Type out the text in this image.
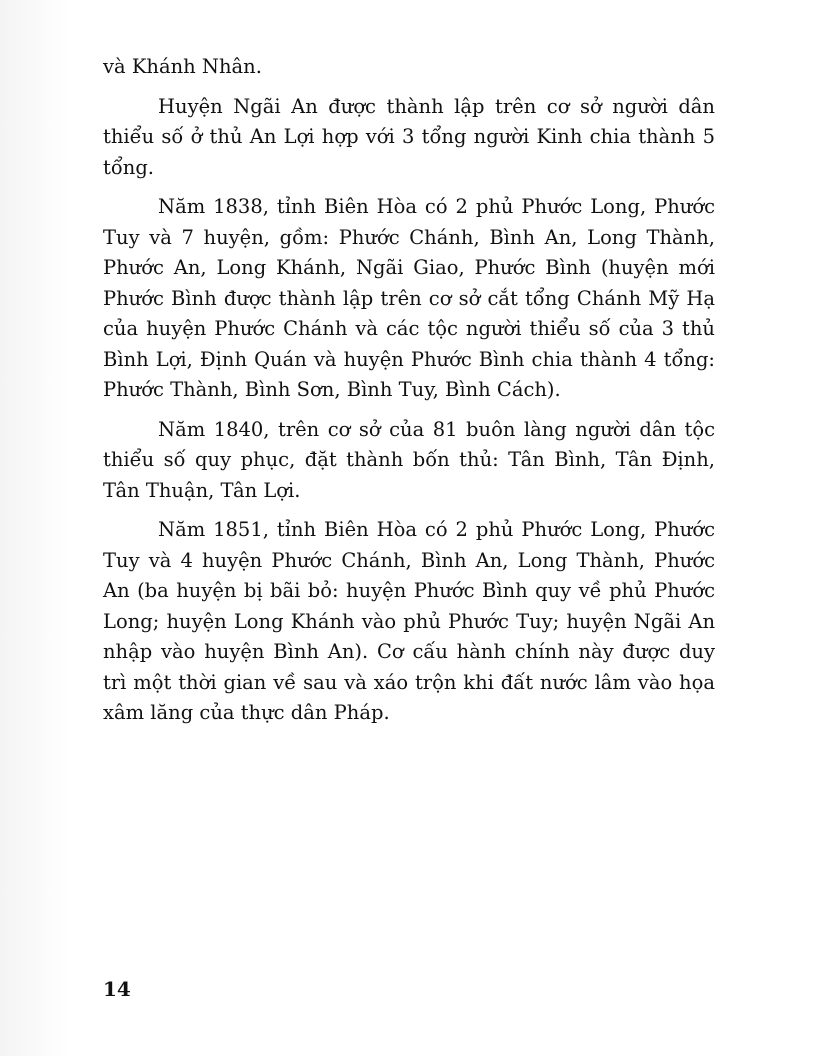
và Khánh Nhân.

Huyện Ngãi An được thành lập trên cơ sở người dân thiểu số ở thủ An Lợi hợp với 3 tổng người Kinh chia thành 5 tổng.

Năm 1838, tỉnh Biên Hòa có 2 phủ Phước Long, Phước Tuy và 7 huyện, gồm: Phước Chánh, Bình An, Long Thành, Phước An, Long Khánh, Ngãi Giao, Phước Bình (huyện mới Phước Bình được thành lập trên cơ sở cắt tổng Chánh Mỹ Hạ của huyện Phước Chánh và các tộc người thiểu số của 3 thủ Bình Lợi, Định Quán và huyện Phước Bình chia thành 4 tổng: Phước Thành, Bình Sơn, Bình Tuy, Bình Cách).

Năm 1840, trên cơ sở của 81 buôn làng người dân tộc thiểu số quy phục, đặt thành bốn thủ: Tân Bình, Tân Định, Tân Thuận, Tân Lợi.

Năm 1851, tỉnh Biên Hòa có 2 phủ Phước Long, Phước Tuy và 4 huyện Phước Chánh, Bình An, Long Thành, Phước An (ba huyện bị bãi bỏ: huyện Phước Bình quy về phủ Phước Long; huyện Long Khánh vào phủ Phước Tuy; huyện Ngãi An nhập vào huyện Bình An). Cơ cấu hành chính này được duy trì một thời gian về sau và xáo trộn khi đất nước lâm vào họa xâm lăng của thực dân Pháp.

14
